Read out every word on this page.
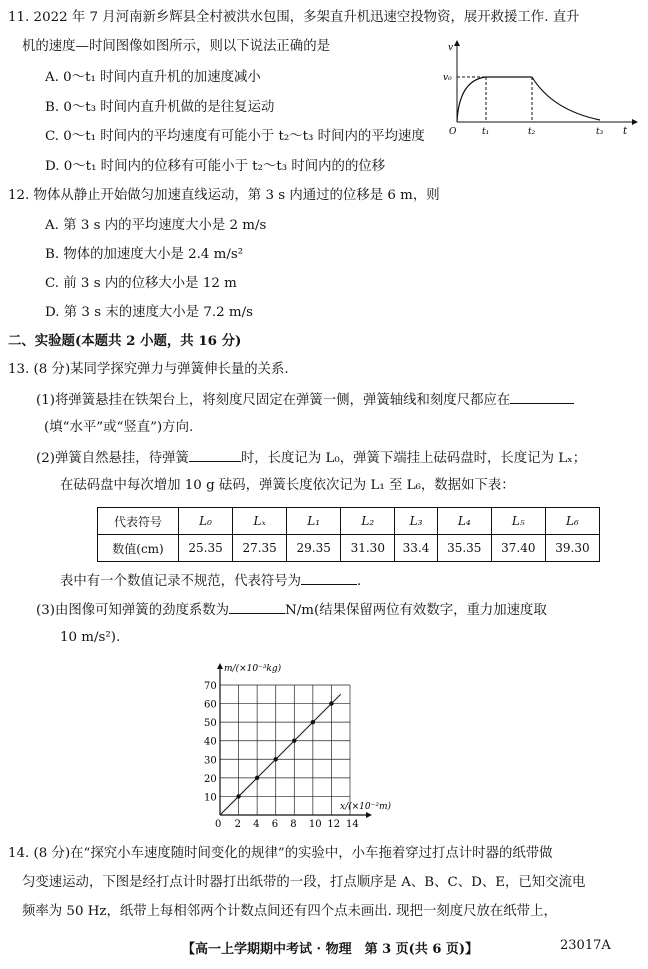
11. 2022 年 7 月河南新乡辉县全村被洪水包围，多架直升机迅速空投物资，展开救援工作. 直升
机的速度—时间图像如图所示，则以下说法正确的是
A. 0～t₁ 时间内直升机的加速度减小
B. 0～t₃ 时间内直升机做的是往复运动
C. 0～t₁ 时间内的平均速度有可能小于 t₂～t₃ 时间内的平均速度
D. 0～t₁ 时间内的位移有可能小于 t₂～t₃ 时间内的的位移
v
v₀
O	t₁	t₂	t₃ t
12. 物体从静止开始做匀加速直线运动，第 3 s 内通过的位移是 6 m，则
A. 第 3 s 内的平均速度大小是 2 m/s
B. 物体的加速度大小是 2.4 m/s²
C. 前 3 s 内的位移大小是 12 m
D. 第 3 s 末的速度大小是 7.2 m/s
二、实验题(本题共 2 小题，共 16 分)
13. (8 分)某同学探究弹力与弹簧伸长量的关系.
(1)将弹簧悬挂在铁架台上，将刻度尺固定在弹簧一侧，弹簧轴线和刻度尺都应在
(填“水平”或“竖直”)方向.
(2)弹簧自然悬挂，待弹簧	时，长度记为 L₀，弹簧下端挂上砝码盘时，长度记为 Lₓ；
在砝码盘中每次增加 10 g 砝码，弹簧长度依次记为 L₁ 至 L₆，数据如下表：
代表符号	L₀	Lₓ	L₁	L₂	L₃	L₄	L₅	L₆
数值(cm)	25.35	27.35	29.35	31.30	33.4	35.35	37.40	39.30
表中有一个数值记录不规范，代表符号为	.
(3)由图像可知弹簧的劲度系数为	N/m(结果保留两位有效数字，重力加速度取
10 m/s²).
0 2 4 6 8 10 12 14
10
20
30
40
50
60
70
m/(×10⁻³kg)
x/(×10⁻²m)
14. (8 分)在“探究小车速度随时间变化的规律”的实验中，小车拖着穿过打点计时器的纸带做
匀变速运动，下图是经打点计时器打出纸带的一段，打点顺序是 A、B、C、D、E，已知交流电
频率为 50 Hz，纸带上每相邻两个计数点间还有四个点未画出. 现把一刻度尺放在纸带上，
【高一上学期期中考试 · 物理　第 3 页(共 6 页)】	23017A
